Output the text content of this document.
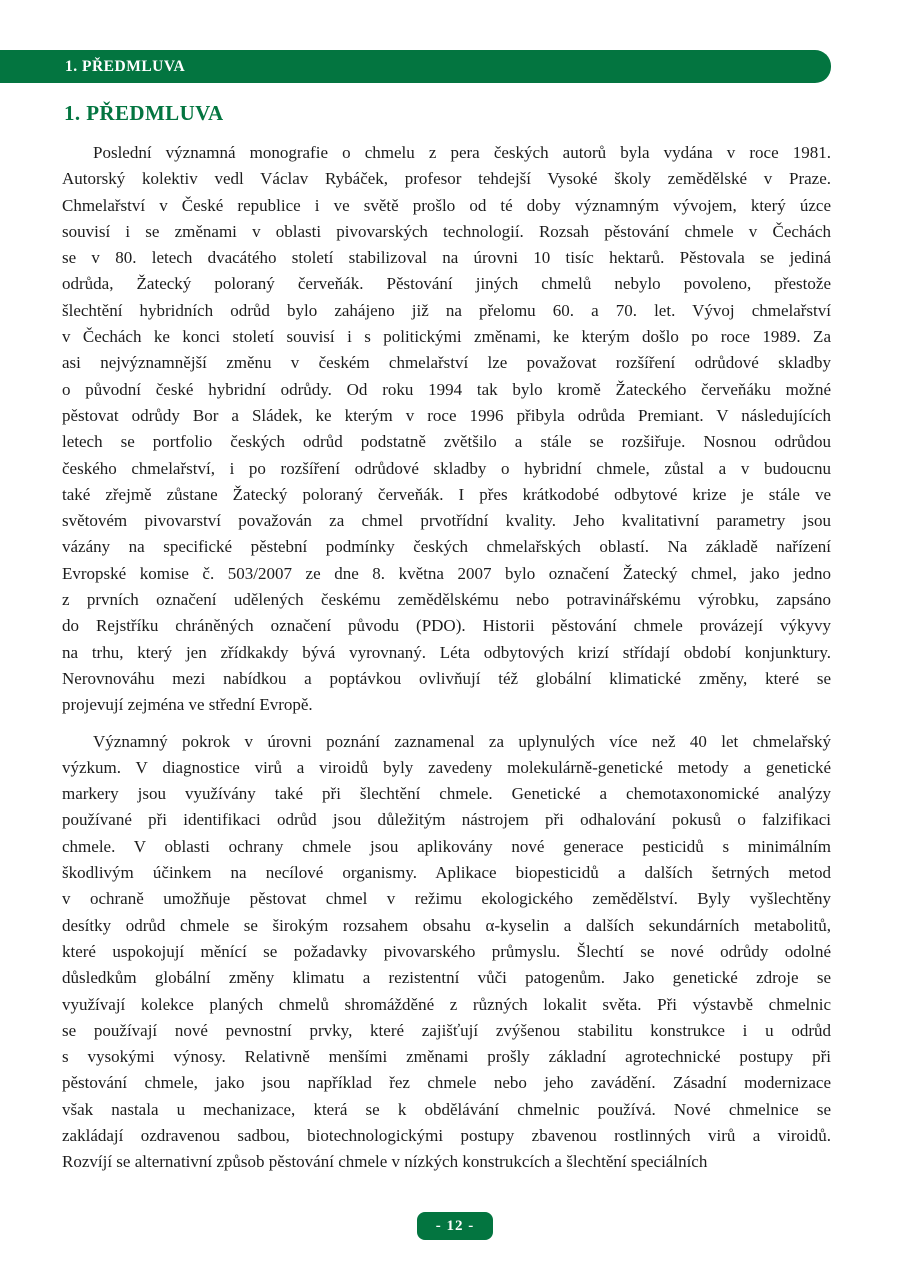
1. PŘEDMLUVA
1. PŘEDMLUVA
Poslední významná monografie o chmelu z pera českých autorů byla vydána v roce 1981.
Autorský kolektiv vedl Václav Rybáček, profesor tehdejší Vysoké školy zemědělské v Praze.
Chmelařství v České republice i ve světě prošlo od té doby významným vývojem, který úzce
souvisí i se změnami v oblasti pivovarských technologií. Rozsah pěstování chmele v Čechách
se v 80. letech dvacátého století stabilizoval na úrovni 10 tisíc hektarů. Pěstovala se jediná
odrůda, Žatecký poloraný červeňák. Pěstování jiných chmelů nebylo povoleno, přestože
šlechtění hybridních odrůd bylo zahájeno již na přelomu 60. a 70. let. Vývoj chmelařství
v Čechách ke konci století souvisí i s politickými změnami, ke kterým došlo po roce 1989. Za
asi nejvýznamnější změnu v českém chmelařství lze považovat rozšíření odrůdové skladby
o původní české hybridní odrůdy. Od roku 1994 tak bylo kromě Žateckého červeňáku možné
pěstovat odrůdy Bor a Sládek, ke kterým v roce 1996 přibyla odrůda Premiant. V následujících
letech se portfolio českých odrůd podstatně zvětšilo a stále se rozšiřuje. Nosnou odrůdou
českého chmelařství, i po rozšíření odrůdové skladby o hybridní chmele, zůstal a v budoucnu
také zřejmě zůstane Žatecký poloraný červeňák. I přes krátkodobé odbytové krize je stále ve
světovém pivovarství považován za chmel prvotřídní kvality. Jeho kvalitativní parametry jsou
vázány na specifické pěstební podmínky českých chmelařských oblastí. Na základě nařízení
Evropské komise č. 503/2007 ze dne 8. května 2007 bylo označení Žatecký chmel, jako jedno
z prvních označení udělených českému zemědělskému nebo potravinářskému výrobku, zapsáno
do Rejstříku chráněných označení původu (PDO). Historii pěstování chmele provázejí výkyvy
na trhu, který jen zřídkakdy bývá vyrovnaný. Léta odbytových krizí střídají období konjunktury.
Nerovnováhu mezi nabídkou a poptávkou ovlivňují též globální klimatické změny, které se
projevují zejména ve střední Evropě.
Významný pokrok v úrovni poznání zaznamenal za uplynulých více než 40 let chmelařský
výzkum. V diagnostice virů a viroidů byly zavedeny molekulárně-genetické metody a genetické
markery jsou využívány také při šlechtění chmele. Genetické a chemotaxonomické analýzy
používané při identifikaci odrůd jsou důležitým nástrojem při odhalování pokusů o falzifikaci
chmele. V oblasti ochrany chmele jsou aplikovány nové generace pesticidů s minimálním
škodlivým účinkem na necílové organismy. Aplikace biopesticidů a dalších šetrných metod
v ochraně umožňuje pěstovat chmel v režimu ekologického zemědělství. Byly vyšlechtěny
desítky odrůd chmele se širokým rozsahem obsahu α-kyselin a dalších sekundárních metabolitů,
které uspokojují měnící se požadavky pivovarského průmyslu. Šlechtí se nové odrůdy odolné
důsledkům globální změny klimatu a rezistentní vůči patogenům. Jako genetické zdroje se
využívají kolekce planých chmelů shromážděné z různých lokalit světa. Při výstavbě chmelnic
se používají nové pevnostní prvky, které zajišťují zvýšenou stabilitu konstrukce i u odrůd
s vysokými výnosy. Relativně menšími změnami prošly základní agrotechnické postupy při
pěstování chmele, jako jsou například řez chmele nebo jeho zavádění. Zásadní modernizace
však nastala u mechanizace, která se k obdělávání chmelnic používá. Nové chmelnice se
zakládají ozdravenou sadbou, biotechnologickými postupy zbavenou rostlinných virů a viroidů.
Rozvíjí se alternativní způsob pěstování chmele v nízkých konstrukcích a šlechtění speciálních
- 12 -
